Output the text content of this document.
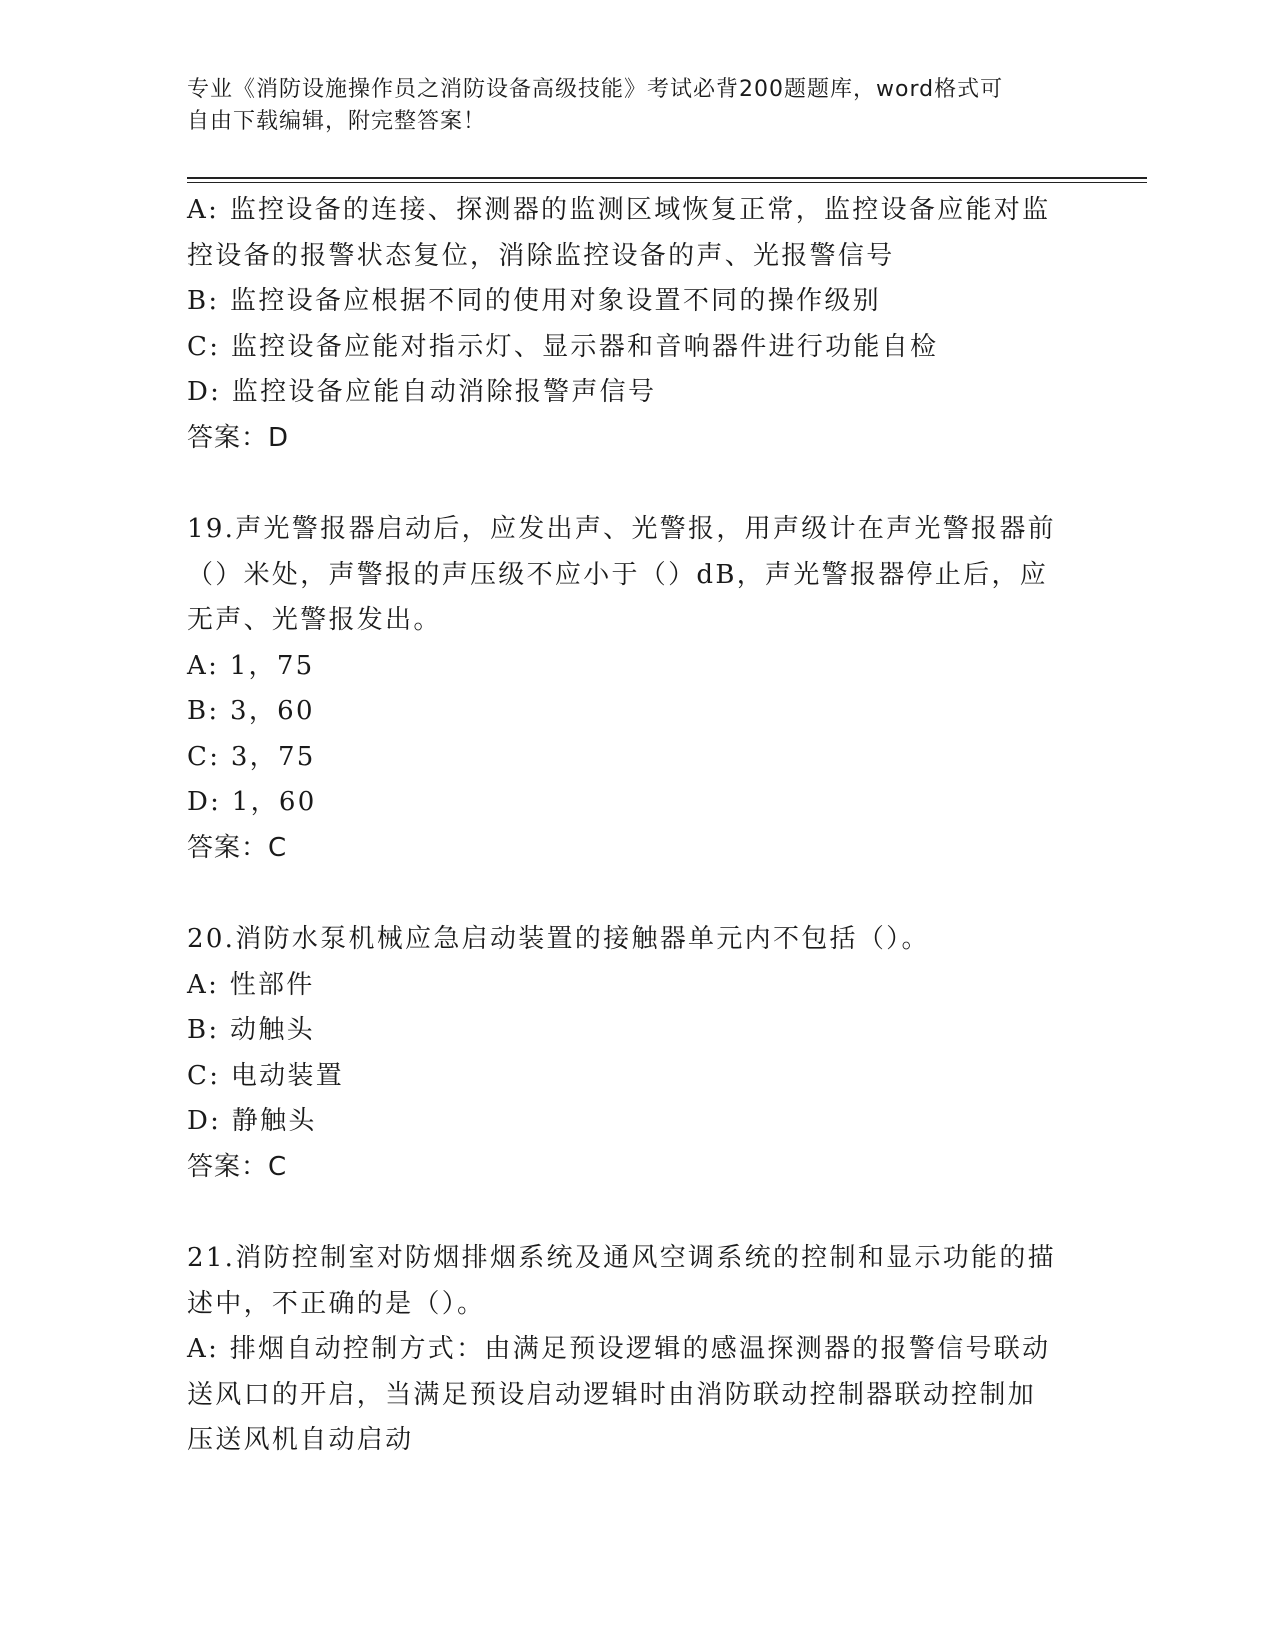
专业《消防设施操作员之消防设备高级技能》考试必背200题题库，word格式可
自由下载编辑，附完整答案！

A: 监控设备的连接、探测器的监测区域恢复正常，监控设备应能对监

控设备的报警状态复位，消除监控设备的声、光报警信号

B: 监控设备应根据不同的使用对象设置不同的操作级别

C: 监控设备应能对指示灯、显示器和音响器件进行功能自检

D: 监控设备应能自动消除报警声信号

答案：D

19.声光警报器启动后，应发出声、光警报，用声级计在声光警报器前

（）米处，声警报的声压级不应小于（）dB，声光警报器停止后，应

无声、光警报发出。

A: 1，75

B: 3，60

C: 3，75

D: 1，60

答案：C

20.消防水泵机械应急启动装置的接触器单元内不包括（）。

A: 性部件

B: 动触头

C: 电动装置

D: 静触头

答案：C

21.消防控制室对防烟排烟系统及通风空调系统的控制和显示功能的描

述中，不正确的是（）。

A: 排烟自动控制方式：由满足预设逻辑的感温探测器的报警信号联动

送风口的开启，当满足预设启动逻辑时由消防联动控制器联动控制加

压送风机自动启动
